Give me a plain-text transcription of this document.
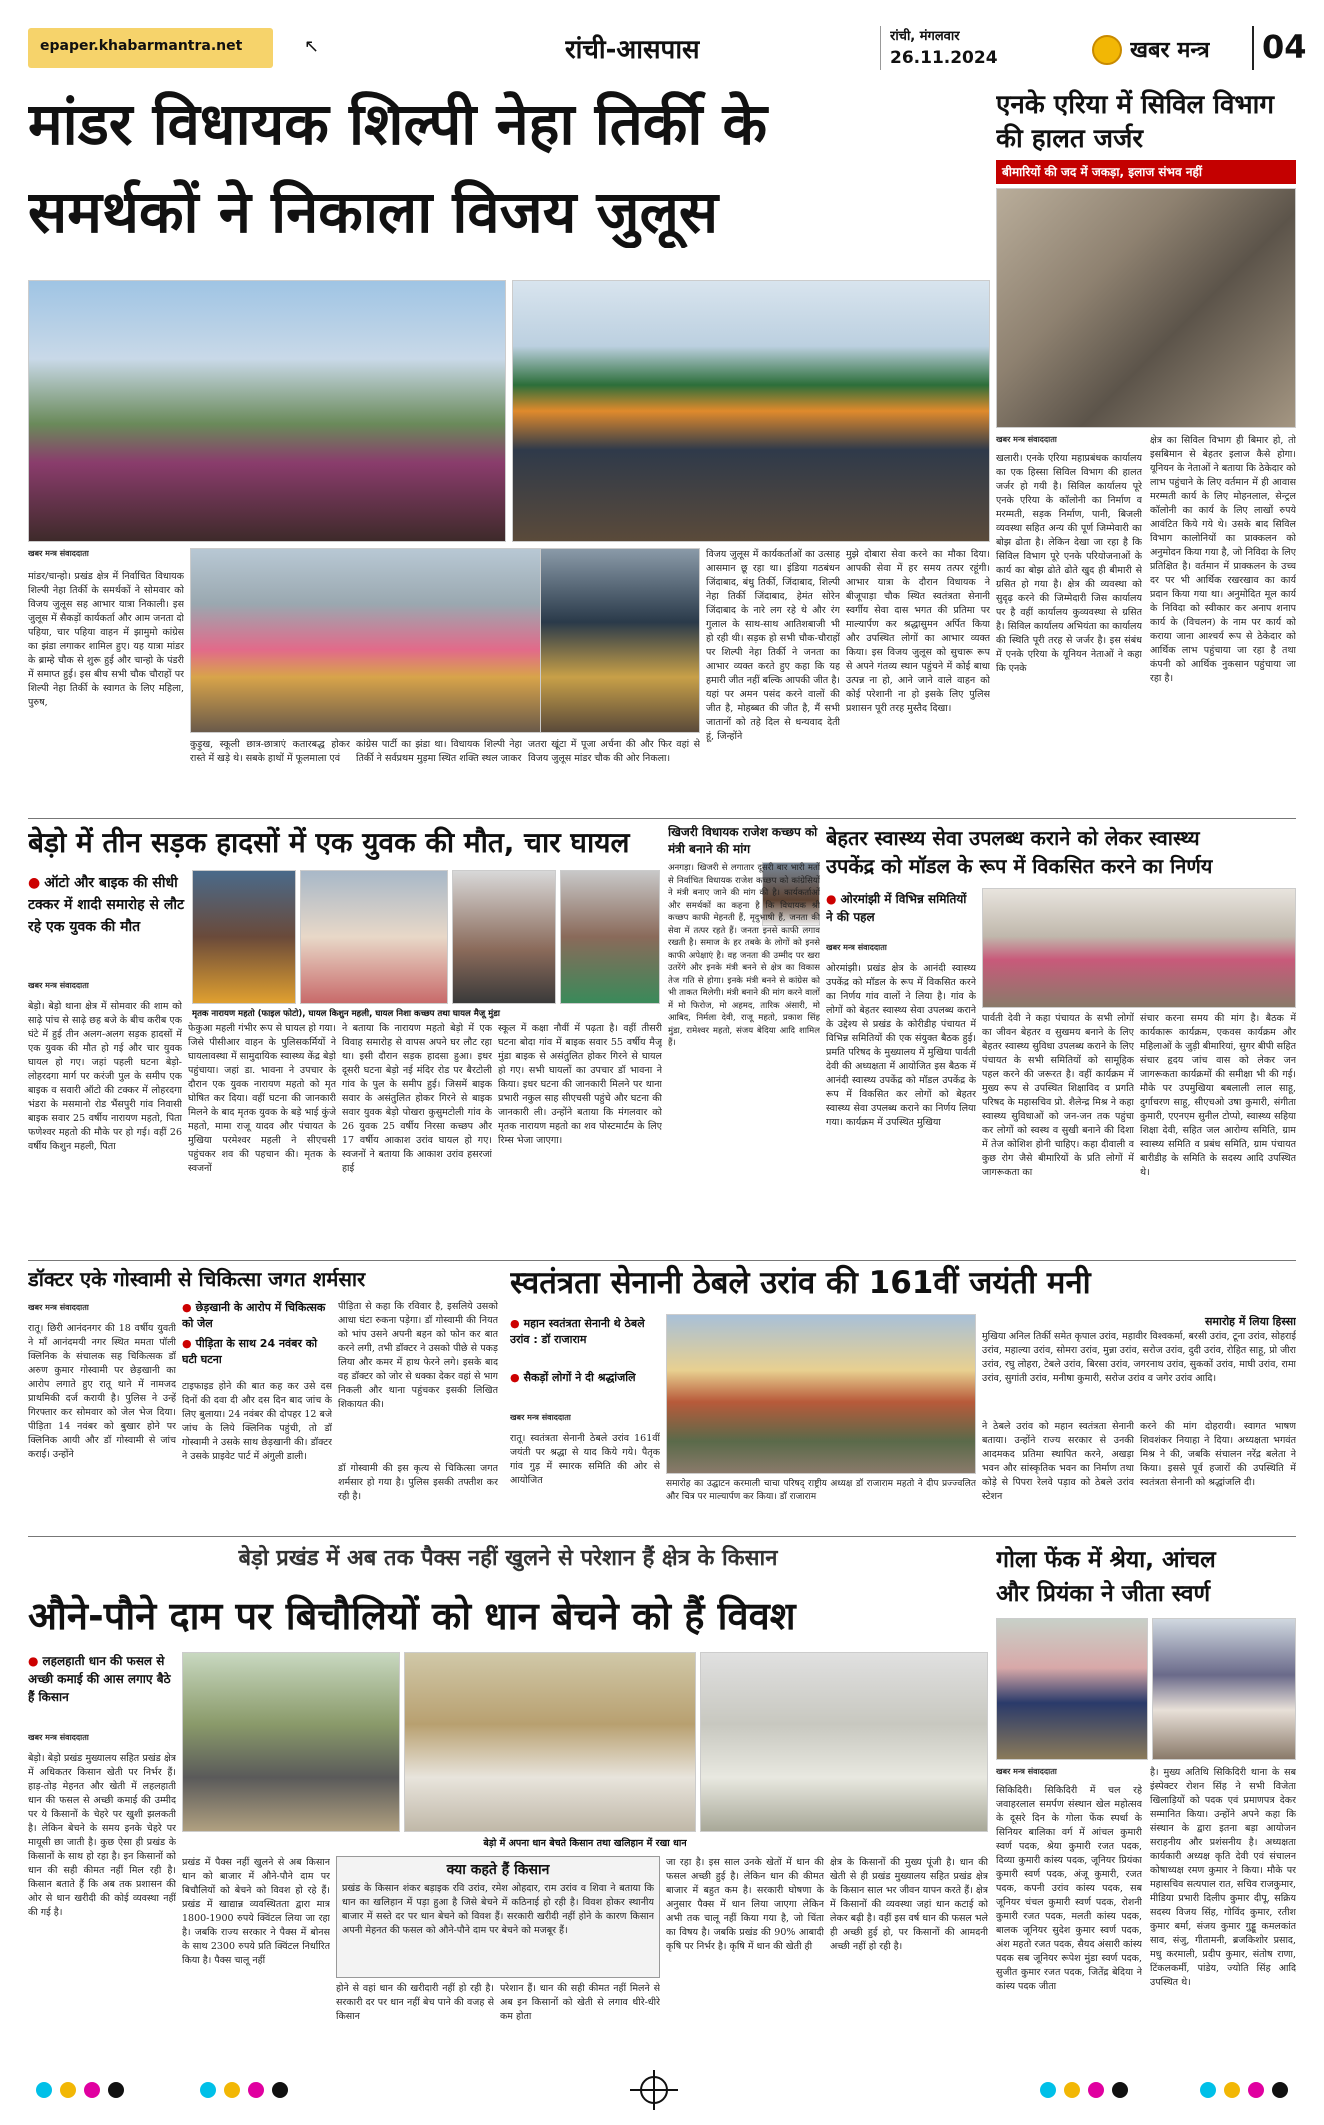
epaper.khabarmantra.net	↖	रांची-आसपास	रांची, मंगलवार
26.11.2024	खबर मन्त्र 04
मांडर विधायक शिल्पी नेहा तिर्की के
समर्थकों ने निकाला विजय जुलूस
खबर मन्त्र संवाददाता
मांडर/चान्हो। प्रखंड क्षेत्र में निर्वाचित विधायक शिल्पी नेहा तिर्की के समर्थकों ने सोमवार को विजय जुलूस सह आभार यात्रा निकाली। इस जुलूस में सैकड़ों कार्यकर्ता और आम जनता दो पहिया, चार पहिया वाहन में झामुमो कांग्रेस का झंडा लगाकर शामिल हुए। यह यात्रा मांडर के ब्राम्हे चौक से शुरू हुई और चान्हो के पंडरी में समाप्त हुई। इस बीच सभी चौक चौराहों पर शिल्पी नेहा तिर्की के स्वागत के लिए महिला, पुरुष,
कुड़ुख, स्कूली छात्र-छात्राएं कतारबद्ध होकर रास्ते में खड़े थे। सबके हाथों में फूलमाला एवं
कांग्रेस पार्टी का झंडा था। विधायक शिल्पी नेहा तिर्की ने सर्वप्रथम मुड़मा स्थित शक्ति स्थल जाकर
जतरा खूंटा में पूजा अर्चना की और फिर वहां से विजय जुलूस मांडर चौक की ओर निकला।
विजय जुलूस में कार्यकर्ताओं का उत्साह आसमान छू रहा था। इंडिया गठबंधन जिंदाबाद, बंधु तिर्की, जिंदाबाद, शिल्पी नेहा तिर्की जिंदाबाद, हेमंत सोरेन जिंदाबाद के नारे लग रहे थे और रंग गुलाल के साथ-साथ आतिशबाजी भी हो रही थी। सड़क हो सभी चौक-चौराहों पर शिल्पी नेहा तिर्की ने जनता का आभार व्यक्त करते हुए कहा कि यह हमारी जीत नहीं बल्कि आपकी जीत है। यहां पर अमन पसंद करने वालों की जीत है, मोहब्बत की जीत है, मैं सभी जातानों को तहे दिल से धन्यवाद देती हूं, जिन्होंने
मुझे दोबारा सेवा करने का मौका दिया। आपकी सेवा में हर समय तत्पर रहूंगी। आभार यात्रा के दौरान विधायक ने बीजूपाड़ा चौक स्थित स्वतंत्रता सेनानी स्वर्गीय सेवा दास भगत की प्रतिमा पर माल्यार्पण कर श्रद्धासुमन अर्पित किया और उपस्थित लोगों का आभार व्यक्त किया। इस विजय जुलूस को सुचारू रूप से अपने गंतव्य स्थान पहुंचने में कोई बाधा उत्पन्न ना हो, आने जाने वाले वाहन को कोई परेशानी ना हो इसके लिए पुलिस प्रशासन पूरी तरह मुस्तैद दिखा।
एनके एरिया में सिविल विभाग की हालत जर्जर
बीमारियों की जद में जकड़ा, इलाज संभव नहीं
खबर मन्त्र संवाददाता
खलारी। एनके एरिया महाप्रबंधक कार्यालय का एक हिस्सा सिविल विभाग की हालत जर्जर हो गयी है। सिविल कार्यालय पूरे एनके एरिया के कॉलोनी का निर्माण व मरम्मती, सड़क निर्माण, पानी, बिजली व्यवस्था सहित अन्य की पूर्ण जिम्मेवारी का बोझ ढोता है। लेकिन देखा जा रहा है कि सिविल विभाग पूरे एनके परियोजनाओं के कार्य का बोझ ढोते ढोते खुद ही बीमारी से ग्रसित हो गया है। क्षेत्र की व्यवस्था को सुदृढ़ करने की जिम्मेदारी जिस कार्यालय पर है वहीं कार्यालय कुव्यवस्था से ग्रसित है। सिविल कार्यालय अभियंता का कार्यालय की स्थिति पूरी तरह से जर्जर है। इस संबंध में एनके एरिया के यूनियन नेताओं ने कहा कि एनके
क्षेत्र का सिविल विभाग ही बिमार हो, तो इसबिमान से बेहतर इलाज कैसे होगा। यूनियन के नेताओं ने बताया कि ठेकेदार को लाभ पहुंचाने के लिए वर्तमान में ही आवास मरम्मती कार्य के लिए मोहनलाल, सेन्ट्रल कॉलोनी का कार्य के लिए लाखों रुपये आवंटित किये गये थे। उसके बाद सिविल विभाग कालोनियों का प्राक्कलन को अनुमोदन किया गया है, जो निविदा के लिए प्रतिक्षित है। वर्तमान में प्राक्कलन के उच्च दर पर भी आर्थिक रखरखाव का कार्य प्रदान किया गया था। अनुमोदित मूल कार्य के निविदा को स्वीकार कर अनाप शनाप कार्य के (विचलन) के नाम पर कार्य को कराया जाना आश्चर्य रूप से ठेकेदार को आर्थिक लाभ पहुंचाया जा रहा है तथा कंपनी को आर्थिक नुकसान पहुंचाया जा रहा है।
बेड़ो में तीन सड़क हादसों में एक युवक की मौत, चार घायल
● ऑटो और बाइक की सीधी टक्कर में शादी समारोह से लौट रहे एक युवक की मौत
मृतक नारायण महतो (फाइल फोटो), घायल किशुन महली, घायल निशा कच्छप तथा घायल मैजू मुंडा
खबर मन्त्र संवाददाता
बेड़ो। बेड़ो थाना क्षेत्र में सोमवार की शाम को साढ़े पांच से साढ़े छह बजे के बीच करीब एक घंटे में हुई तीन अलग-अलग सड़क हादसों में एक युवक की मौत हो गई और चार युवक घायल हो गए। जहां पहली घटना बेड़ो-लोहरदगा मार्ग पर करंजी पुल के समीप एक बाइक व सवारी ऑटो की टक्कर में लोहरदगा भंडरा के मसमानो रोड भैंसपुरी गांव निवासी बाइक सवार 25 वर्षीय नारायण महतो, पिता फणेश्वर महतो की मौके पर हो गई। वहीं 26 वर्षीय किशुन महली, पिता
फेकुआ महली गंभीर रूप से घायल हो गया। जिसे पीसीआर वाहन के पुलिसकर्मियों ने घायलावस्था में सामुदायिक स्वास्थ्य केंद्र बेड़ो पहुंचाया। जहां डा. भावना ने उपचार के दौरान एक युवक नारायण महतो को मृत घोषित कर दिया। वहीं घटना की जानकारी मिलने के बाद मृतक युवक के बड़े भाई कुंजे महतो, मामा राजू यादव और पंचायत के मुखिया परमेश्वर महली ने सीएचसी पहुंचकर शव की पहचान की। मृतक के स्वजनों
ने बताया कि नारायण महतो बेड़ो में एक विवाह समारोह से वापस अपने घर लौट रहा था। इसी दौरान सड़क हादसा हुआ। इधर दूसरी घटना बेड़ो नई मंदिर रोड पर बैरटोली गांव के पुल के समीप हुई। जिसमें बाइक सवार के असंतुलित होकर गिरने से बाइक सवार युवक बेड़ो पोखरा कुसुमटोली गांव के 26 युवक 25 वर्षीय निरसा कच्छप और 17 वर्षीय आकाश उरांव घायल हो गए। स्वजनों ने बताया कि आकाश उरांव हसरजां हाई
स्कूल में कक्षा नौवीं में पढ़ता है। वहीं तीसरी घटना बोदा गांव में बाइक सवार 55 वर्षीय मैजू मुंडा बाइक से असंतुलित होकर गिरने से घायल हो गए। सभी घायलों का उपचार डॉ भावना ने किया। इधर घटना की जानकारी मिलने पर थाना प्रभारी नकुल साह सीएचसी पहुंचे और घटना की जानकारी ली। उन्होंने बताया कि मंगलवार को मृतक नारायण महतो का शव पोस्टमार्टम के लिए रिम्स भेजा जाएगा।
खिजरी विधायक राजेश कच्छप को मंत्री बनाने की मांग
अनगड़ा। खिजरी से लगातार दूसरी बार भारी मतों से निर्वाचित विधायक राजेश कच्छप को कांग्रेसियों ने मंत्री बनाए जाने की मांग की है। कार्यकर्ताओं और समर्थकों का कहना है कि विधायक श्री कच्छप काफी मेहनती हैं, मृदुभाषी हैं, जनता की सेवा में तत्पर रहते हैं। जनता इनसे काफी लगाव रखती है। समाज के हर तबके के लोगों को इनसे काफी अपेक्षाएं है। वह जनता की उम्मीद पर खरा उतरेंगे और इनके मंत्री बनने से क्षेत्र का विकास तेज गति से होगा। इनके मंत्री बनने से कांग्रेस को भी ताकत मिलेगी। मंत्री बनाने की मांग करने वालों में मो फिरोज, मो अहमद, तारिक अंसारी, मो आबिद, निर्मला देवी, राजू महतो, प्रकाश सिंह मुंडा, रामेश्वर महतो, संजय बेदिया आदि शामिल हैं।
बेहतर स्वास्थ्य सेवा उपलब्ध कराने को लेकर स्वास्थ्य
उपकेंद्र को मॉडल के रूप में विकसित करने का निर्णय
● ओरमांझी में विभिन्न समितियों ने की पहल
खबर मन्त्र संवाददाता
ओरमांझी। प्रखंड क्षेत्र के आनंदी स्वास्थ्य उपकेंद्र को मॉडल के रूप में विकसित करने का निर्णय गांव वालों ने लिया है। गांव के लोगों को बेहतर स्वास्थ्य सेवा उपलब्ध कराने के उद्देश्य से प्रखंड के कोरीडीह पंचायत में विभिन्न समितियों की एक संयुक्त बैठक हुई। प्रमति परिषद के मुख्यालय में मुखिया पार्वती देवी की अध्यक्षता में आयोजित इस बैठक में आनंदी स्वास्थ्य उपकेंद्र को मॉडल उपकेंद्र के रूप में विकसित कर लोगों को बेहतर स्वास्थ्य सेवा उपलब्ध कराने का निर्णय लिया गया। कार्यक्रम में उपस्थित मुखिया
पार्वती देवी ने कहा पंचायत के सभी लोगों का जीवन बेहतर व सुखमय बनाने के लिए बेहतर स्वास्थ्य सुविधा उपलब्ध कराने के लिए पंचायत के सभी समितियों को सामूहिक पहल करने की जरूरत है। वहीं कार्यक्रम में मुख्य रूप से उपस्थित शिक्षाविद व प्रगति परिषद के महासचिव प्रो. शैलेन्द्र मिश्र ने कहा स्वास्थ्य सुविधाओं को जन-जन तक पहुंचा कर लोगों को स्वस्थ व सुखी बनाने की दिशा में तेज कोशिश होनी चाहिए। कहा दीवाली व कुछ रोग जैसे बीमारियों के प्रति लोगों में जागरूकता का
संचार करना समय की मांग है। बैठक में कार्यकारू कार्यक्रम, एकवस कार्यक्रम और महिलाओं के जुड़ी बीमारियां, सुगर बीपी सहित संचार हृदय जांच वास को लेकर जन जागरूकता कार्यक्रमों की समीक्षा भी की गई। मौके पर उपमुखिया बबलाली लाल साहू, दुर्गाचरण साहू, सीएचओ उषा कुमारी, संगीता कुमारी, एएनएम सुनील टोप्पो, स्वास्थ्य सहिया शिक्षा देवी, सहित जल आरोग्य समिति, ग्राम स्वास्थ्य समिति व प्रबंध समिति, ग्राम पंचायत बारीडीह के समिति के सदस्य आदि उपस्थित थे।
डॉक्टर एके गोस्वामी से चिकित्सा जगत शर्मसार
खबर मन्त्र संवाददाता
रातू। छिरी आनंदनगर की 18 वर्षीय युवती ने माँ आनंदमयी नगर स्थित ममता पॉली क्लिनिक के संचालक सह चिकित्सक डॉ अरुण कुमार गोस्वामी पर छेड़खानी का आरोप लगाते हुए रातू थाने में नामजद प्राथमिकी दर्ज करायी है। पुलिस ने उन्हें गिरफ्तार कर सोमवार को जेल भेज दिया। पीड़िता 14 नवंबर को बुखार होने पर क्लिनिक आयी और डॉ गोस्वामी से जांच कराई। उन्होंने
● छेड़खानी के आरोप में चिकित्सक को जेल
● पीड़िता के साथ 24 नवंबर को घटी घटना
टाइफाइड होने की बात कह कर उसे दस दिनों की दवा दी और दस दिन बाद जांच के लिए बुलाया। 24 नवंबर की दोपहर 12 बजे जांच के लिये क्लिनिक पहुंची, तो डॉ गोस्वामी ने उसके साथ छेड़खानी की। डॉक्टर ने उसके प्राइवेट पार्ट में अंगुली डाली।
पीड़िता से कहा कि रविवार है, इसलिये उसको आधा घंटा रुकना पड़ेगा। डॉ गोस्वामी की नियत को भांप उसने अपनी बहन को फोन कर बात करने लगी, तभी डॉक्टर ने उसको पीछे से पकड़ लिया और कमर में हाथ फेरने लगे। इसके बाद वह डॉक्टर को जोर से धक्का देकर वहां से भाग निकली और थाना पहुंचकर इसकी लिखित शिकायत की।
डॉ गोस्वामी की इस कृत्य से चिकित्सा जगत शर्मसार हो गया है। पुलिस इसकी तफ्तीश कर रही है।
स्वतंत्रता सेनानी ठेबले उरांव की 161वीं जयंती मनी
● महान स्वतंत्रता सेनानी थे ठेबले उरांव : डॉ राजाराम
● सैकड़ों लोगों ने दी श्रद्धांजलि
खबर मन्त्र संवाददाता
रातू। स्वतंत्रता सेनानी ठेबले उरांव 161वीं जयंती पर श्रद्धा से याद किये गये। पैतृक गांव गुड़ में स्मारक समिति की ओर से आयोजित	समारोह का उद्घाटन करमाली चाचा परिषद् राष्ट्रीय अध्यक्ष डॉ राजाराम महतो ने दीप प्रज्ज्वलित और चित्र पर माल्यार्पण कर किया। डॉ राजाराम
समारोह में लिया हिस्सा
मुखिया अनिल तिर्की समेत कृपाल उरांव, महावीर विश्वकर्मा, बरसी उरांव, टूना उरांव, सोहराई उरांव, महाल्या उरांव, सोमरा उरांव, मुन्ना उरांव, सरोज उरांव, दुदी उरांव, रोहित साहू, प्रो जीरा उरांव, रघु लोहरा, टेबले उरांव, बिरसा उरांव, जगरनाथ उरांव, सुककों उरांव, माघी उरांव, रामा उरांव, सुगांती उरांव, मनीषा कुमारी, सरोज उरांव व जगेर उरांव आदि।
ने ठेबले उरांव को महान स्वतंत्रता सेनानी बताया। उन्होंने राज्य सरकार से उनकी आदमकद प्रतिमा स्थापित करने, अखड़ा भवन और सांस्कृतिक भवन का निर्माण तथा कोड़े से पिपरा रेलवे पड़ाव को ठेबले उरांव स्टेशन
करने की मांग दोहरायी। स्वागत भाषण शिवशंकर नियाहा ने दिया। अध्यक्षता भगवंत मिश्र ने की, जबकि संचालन नरेंद्र बलेता ने किया। इससे पूर्व हजारों की उपस्थिति में स्वतंत्रता सेनानी को श्रद्धांजलि दी।
बेड़ो प्रखंड में अब तक पैक्स नहीं खुलने से परेशान हैं क्षेत्र के किसान
औने-पौने दाम पर बिचौलियों को धान बेचने को हैं विवश
● लहलहाती धान की फसल से अच्छी कमाई की आस लगाए बैठे हैं किसान
खबर मन्त्र संवाददाता
बेड़ो। बेड़ो प्रखंड मुख्यालय सहित प्रखंड क्षेत्र में अधिकतर किसान खेती पर निर्भर हैं। हाड़-तोड़ मेहनत और खेती में लहलहाती धान की फसल से अच्छी कमाई की उम्मीद पर ये किसानों के चेहरे पर खुशी झलकती है। लेकिन बेचने के समय इनके चेहरे पर मायूसी छा जाती है। कुछ ऐसा ही प्रखंड के किसानों के साथ हो रहा है। इन किसानों को धान की सही कीमत नहीं मिल रही है। किसान बताते हैं कि अब तक प्रशासन की ओर से धान खरीदी की कोई व्यवस्था नहीं की गई है।
बेड़ो में अपना धान बेचते किसान तथा खलिहान में रखा धान
प्रखंड में पैक्स नहीं खुलने से अब किसान धान को बाजार में औने-पौने दाम पर बिचौलियों को बेचने को विवश हो रहे हैं। प्रखंड में खाद्यान्न व्यवस्थितता द्वारा मात्र 1800-1900 रुपये क्विंटल लिया जा रहा है। जबकि राज्य सरकार ने पैक्स में बोनस के साथ 2300 रुपये प्रति क्विंटल निर्धारित किया है। पैक्स चालू नहीं
क्या कहते हैं किसान
प्रखंड के किसान शंकर बड़ाइक रवि उरांव, रमेश ओहदार, राम उरांव व शिवा ने बताया कि धान का खलिहान में पड़ा हुआ है जिसे बेचने में कठिनाई हो रही है। विवश होकर स्थानीय बाजार में सस्ते दर पर धान बेचने को विवश हैं। सरकारी खरीदी नहीं होने के कारण किसान अपनी मेहनत की फसल को औने-पौने दाम पर बेचने को मजबूर हैं।
होने से वहां धान की खरीदारी नहीं हो रही है। सरकारी दर पर धान नहीं बेच पाने की वजह से किसान
परेशान हैं। धान की सही कीमत नहीं मिलने से अब इन किसानों को खेती से लगाव धीरे-धीरे कम होता
जा रहा है। इस साल उनके खेतों में धान की फसल अच्छी हुई है। लेकिन धान की कीमत बाजार में बहुत कम है। सरकारी घोषणा के अनुसार पैक्स में धान लिया जाएगा लेकिन अभी तक चालू नहीं किया गया है, जो चिंता का विषय है। जबकि प्रखंड की 90% आबादी कृषि पर निर्भर है। कृषि में धान की खेती ही
क्षेत्र के किसानों की मुख्य पूंजी है। धान की खेती से ही प्रखंड मुख्यालय सहित प्रखंड क्षेत्र के किसान साल भर जीवन यापन करते हैं। क्षेत्र में किसानों की व्यवस्था जहां धान कटाई को लेकर बढ़ी है। वहीं इस वर्ष धान की फसल भले ही अच्छी हुई हो, पर किसानों की आमदनी अच्छी नहीं हो रही है।
गोला फेंक में श्रेया, आंचल
और प्रियंका ने जीता स्वर्ण
खबर मन्त्र संवाददाता
सिकिदिरी। सिकिदिरी में चल रहे जवाहरलाल समर्पण संस्थान खेल महोत्सव के दूसरे दिन के गोला फेंक स्पर्धा के सिनियर बालिका वर्ग में आंचल कुमारी स्वर्ण पदक, श्रेया कुमारी रजत पदक, दिव्या कुमारी कांस्य पदक, जूनियर प्रियंका कुमारी स्वर्ण पदक, अंजू कुमारी, रजत पदक, कपनी उरांव कांस्य पदक, सब जूनियर चंचल कुमारी स्वर्ण पदक, रोशनी कुमारी रजत पदक, मलती कांस्य पदक, बालक जूनियर सुदेश कुमार स्वर्ण पदक, अंश महतो रजत पदक, सैयद अंसारी कांस्य पदक सब जूनियर रूपेश मुंडा स्वर्ण पदक, सुजीत कुमार रजत पदक, जितेंद्र बेदिया ने कांस्य पदक जीता
है। मुख्य अतिथि सिकिदिरी थाना के सब इंस्पेक्टर रोशन सिंह ने सभी विजेता खिलाड़ियों को पदक एवं प्रमाणपत्र देकर सम्मानित किया। उन्होंने अपने कहा कि संस्थान के द्वारा इतना बड़ा आयोजन सराहनीय और प्रशंसनीय है। अध्यक्षता कार्यकारी अध्यक्ष कृति देवी एवं संचालन कोषाध्यक्ष रमण कुमार ने किया। मौके पर महासचिव सत्यपाल रात, सचिव राजकुमार, मीडिया प्रभारी दिलीप कुमार दीपू, सक्रिय सदस्य विजय सिंह, गोविंद कुमार, रतीश कुमार बर्मा, संजय कुमार गुड्डू कमलकांत साव, संजु, गीतामनी, ब्रजकिशोर प्रसाद, मधु करमाली, प्रदीप कुमार, संतोष राणा, टिंकलकर्मी, पांडेय, ज्योति सिंह आदि उपस्थित थे।
